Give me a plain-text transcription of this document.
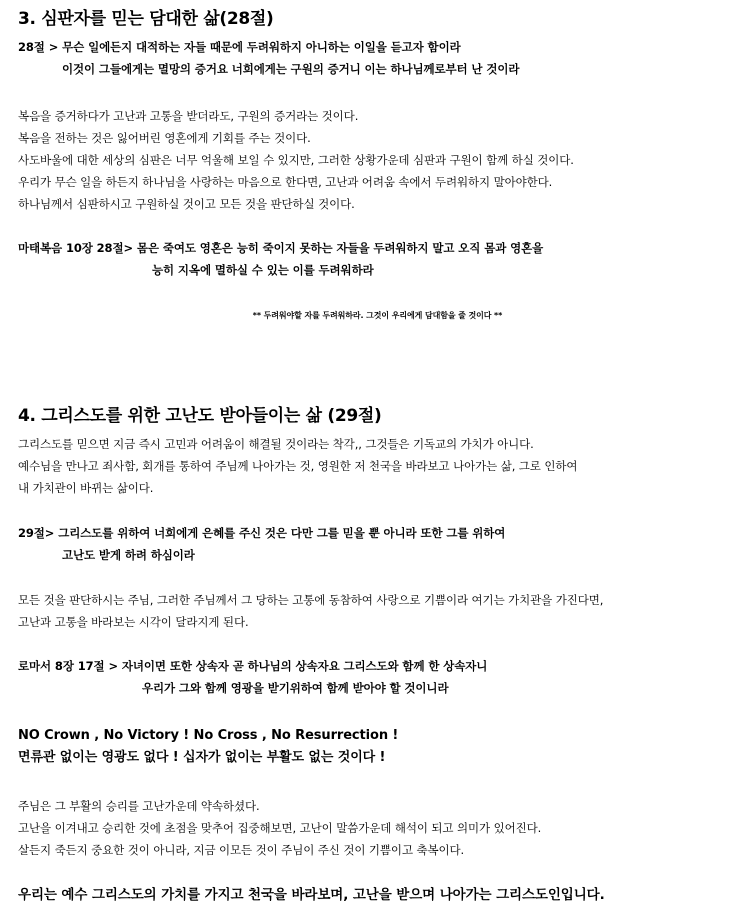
3. 심판자를 믿는 담대한 삶(28절)
28절 > 무슨 일에든지 대적하는 자들 때문에 두려워하지 아니하는 이일을 듣고자 함이라
이것이 그들에게는 멸망의 증거요 너희에게는 구원의 증거니 이는 하나님께로부터 난 것이라
복음을 증거하다가 고난과 고통을 받더라도, 구원의 증거라는 것이다.
복음을 전하는 것은 잃어버린 영혼에게 기회를 주는 것이다.
사도바울에 대한 세상의 심판은 너무 억울해 보일 수 있지만, 그러한 상황가운데 심판과 구원이 함께 하실 것이다.
우리가 무슨 일을 하든지 하나님을 사랑하는 마음으로 한다면, 고난과 어려움 속에서 두려워하지 말아야한다.
하나님께서 심판하시고 구원하실 것이고 모든 것을 판단하실 것이다.
마태복음 10장 28절> 몸은 죽여도 영혼은 능히 죽이지 못하는 자들을 두려워하지 말고 오직 몸과 영혼을
능히 지옥에 멸하실 수 있는 이를 두려워하라
** 두려워야할 자를 두려워하라. 그것이 우리에게 담대함을 줄 것이다 **
4. 그리스도를 위한 고난도 받아들이는 삶 (29절)
그리스도를 믿으면 지금 즉시 고민과 어려움이 해결될 것이라는 착각,, 그것들은 기독교의 가치가 아니다.
예수님을 만나고 죄사함, 회개를 통하여 주님께 나아가는 것, 영원한 저 천국을 바라보고 나아가는 삶, 그로 인하여
내 가치관이 바뀌는 삶이다.
29절> 그리스도를 위하여 너희에게 은혜를 주신 것은 다만 그를 믿을 뿐 아니라 또한 그를 위하여
고난도 받게 하려 하심이라
모든 것을 판단하시는 주님, 그러한 주님께서 그 당하는 고통에 동참하여 사랑으로 기쁨이라 여기는 가치관을 가진다면,
고난과 고통을 바라보는 시각이 달라지게 된다.
로마서 8장 17절 > 자녀이면 또한 상속자 곧 하나님의 상속자요 그리스도와 함께 한 상속자니
우리가 그와 함께 영광을 받기위하여 함께 받아야 할 것이니라
NO Crown , No Victory ! No Cross , No Resurrection !
면류관 없이는 영광도 없다 ! 십자가 없이는 부활도 없는 것이다 !
주님은 그 부활의 승리를 고난가운데 약속하셨다.
고난을 이겨내고 승리한 것에 초점을 맞추어 집중해보면, 고난이 말씀가운데 해석이 되고 의미가 있어진다.
살든지 죽든지 중요한 것이 아니라, 지금 이모든 것이 주님이 주신 것이 기쁨이고 축복이다.
우리는 예수 그리스도의 가치를 가지고 천국을 바라보며, 고난을 받으며 나아가는 그리스도인입니다.
